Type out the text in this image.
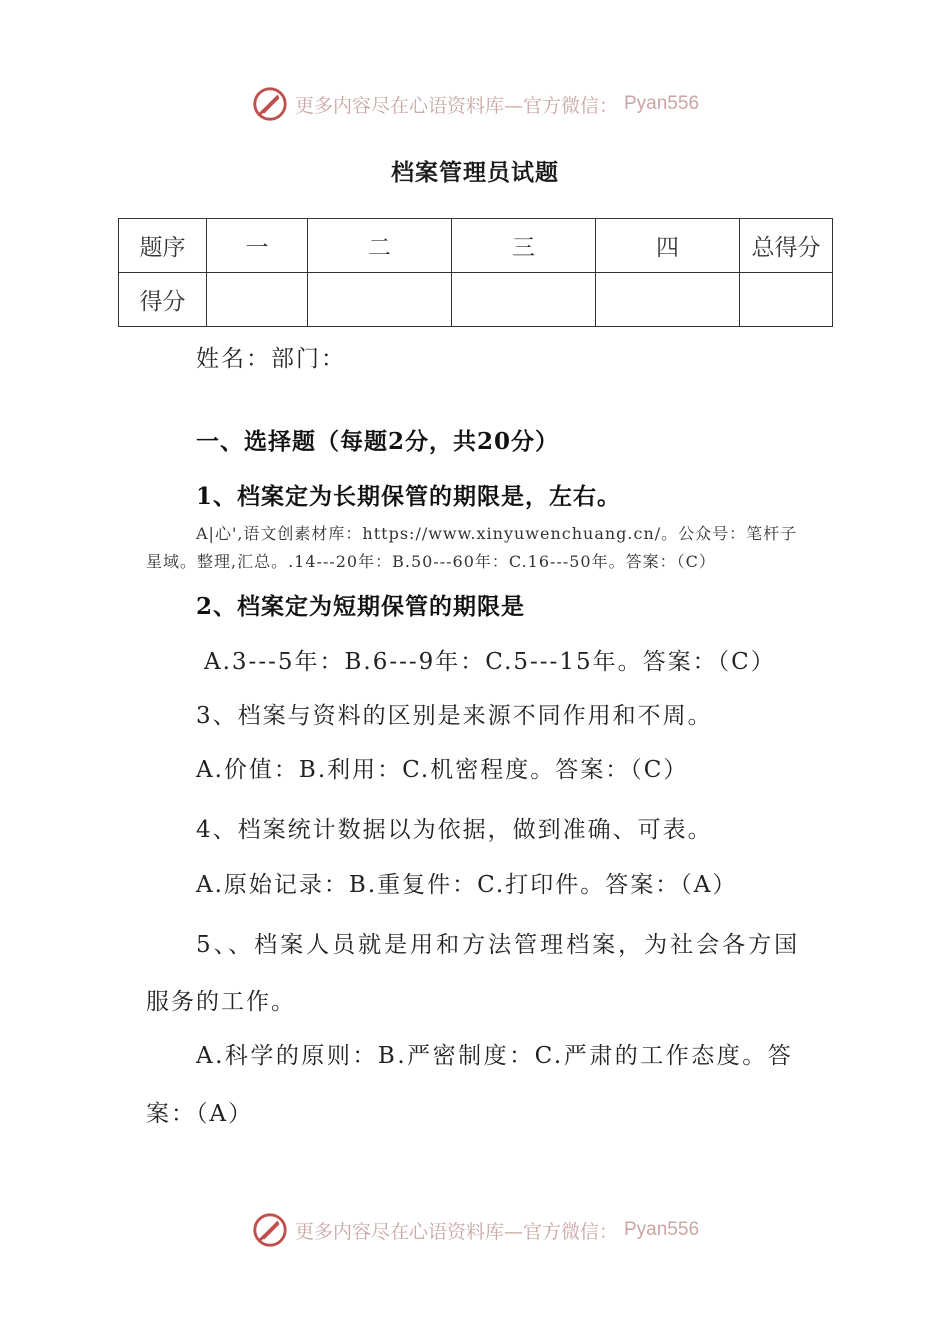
更多内容尽在心语资料库—官方微信： Pyan556
档案管理员试题
题序	一	二	三	四	总得分
得分					
姓名：部门：
一、选择题（每题2分，共20分）
1、档案定为长期保管的期限是，左右。
A|心',语文创素材库：https://www.xinyuwenchuang.cn/。公众号：笔杆子
星域。整理,汇总。.14---20年：B.50---60年：C.16---50年。答案：（C）
2、档案定为短期保管的期限是
A.3---5年：B.6---9年：C.5---15年。答案：（C）
3、档案与资料的区别是来源不同作用和不周。
A.价值：B.利用：C.机密程度。答案：（C）
4、档案统计数据以为依据，做到准确、可表。
A.原始记录：B.重复件：C.打印件。答案：（A）
5、、档案人员就是用和方法管理档案，为社会各方国
服务的工作。
A.科学的原则：B.严密制度：C.严肃的工作态度。答
案：（A）
更多内容尽在心语资料库—官方微信： Pyan556
